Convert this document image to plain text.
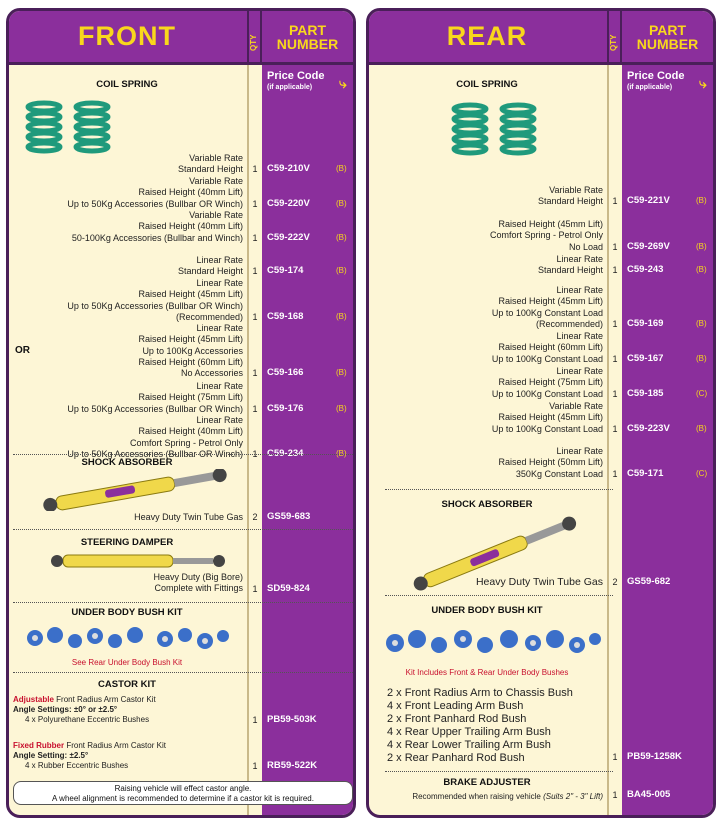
FRONT	QTY
PART
NUMBER
Price Code
(if applicable)	⤷
COIL SPRING
Variable Rate
Standard Height	1	C59-210V	(B)
Variable Rate
Raised Height (40mm Lift)
Up to 50Kg Accessories (Bullbar OR Winch)	1	C59-220V	(B)
Variable Rate
Raised Height (40mm Lift)
50-100Kg Accessories (Bullbar and Winch)	1	C59-222V	(B)
Linear Rate
Standard Height	1	C59-174	(B)
Linear Rate
Raised Height (45mm Lift)
Up to 50Kg Accessories (Bullbar OR Winch)
(Recommended)	1	C59-168	(B)
Linear Rate
Raised Height (45mm Lift)
Up to 100Kg Accessories
Raised Height (60mm Lift)
No Accessories	1	C59-166	(B)
Linear Rate
Raised Height (75mm Lift)
Up to 50Kg Accessories (Bullbar OR Winch)	1	C59-176	(B)
Linear Rate
Raised Height (40mm Lift)
Comfort Spring - Petrol Only
Up to 50Kg Accessories (Bullbar OR Winch)	1	C59-234	(B)
OR
SHOCK ABSORBER
Heavy Duty Twin Tube Gas	2	GS59-683
STEERING DAMPER
Heavy Duty (Big Bore)
Complete with Fittings	1	SD59-824
UNDER BODY BUSH KIT
See Rear Under Body Bush Kit
CASTOR KIT
Adjustable Front Radius Arm Castor Kit
Angle Settings: ±0° or ±2.5°
4 x Polyurethane Eccentric Bushes	1	PB59-503K
Fixed Rubber Front Radius Arm Castor Kit
Angle Setting: ±2.5°
4 x Rubber Eccentric Bushes	1	RB59-522K
Raising vehicle will effect castor angle.
A wheel alignment is recommended to determine if a castor kit is required.
REAR	QTY
PART
NUMBER
Price Code
(if applicable)	⤷
COIL SPRING
Variable Rate
Standard Height	1	C59-221V	(B)
Raised Height (45mm Lift)
Comfort Spring - Petrol Only
No Load	1	C59-269V	(B)
Linear Rate
Standard Height	1	C59-243	(B)
Linear Rate
Raised Height (45mm Lift)
Up to 100Kg Constant Load
(Recommended)	1	C59-169	(B)
Linear Rate
Raised Height (60mm Lift)
Up to 100Kg Constant Load	1	C59-167	(B)
Linear Rate
Raised Height (75mm Lift)
Up to 100Kg Constant Load	1	C59-185	(C)
Variable Rate
Raised Height (45mm Lift)
Up to 100Kg Constant Load	1	C59-223V	(B)
Linear Rate
Raised Height (50mm Lift)
350Kg Constant Load	1	C59-171	(C)
SHOCK ABSORBER
Heavy Duty Twin Tube Gas	2	GS59-682
UNDER BODY BUSH KIT
Kit Includes Front & Rear Under Body Bushes
2 x Front Radius Arm to Chassis Bush
4 x Front Leading Arm Bush
2 x Front Panhard Rod Bush
4 x Rear Upper Trailing Arm Bush
4 x Rear Lower Trailing Arm Bush
2 x Rear Panhard Rod Bush	1	PB59-1258K
BRAKE ADJUSTER
Recommended when raising vehicle (Suits 2" - 3" Lift)	1	BA45-005
